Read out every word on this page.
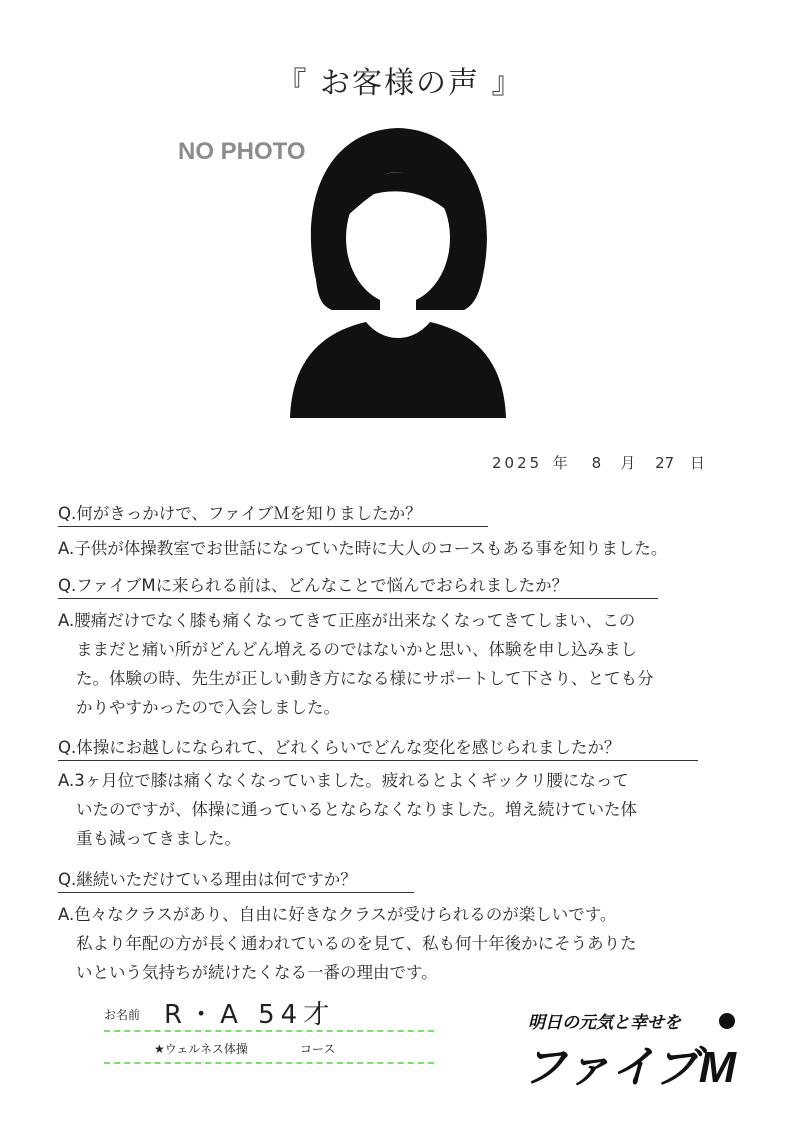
『 お客様の声 』
NO PHOTO
2025 年 8 月 27 日
Q.何がきっかけで、ファイブＭを知りましたか？
A.子供が体操教室でお世話になっていた時に大人のコースもある事を知りました。
Q.ファイブMに来られる前は、どんなことで悩んでおられましたか？
A.腰痛だけでなく膝も痛くなってきて正座が出来なくなってきてしまい、この
ままだと痛い所がどんどん増えるのではないかと思い、体験を申し込みまし
た。体験の時、先生が正しい動き方になる様にサポートして下さり、とても分
かりやすかったので入会しました。
Q.体操にお越しになられて、どれくらいでどんな変化を感じられましたか？
A.3ヶ月位で膝は痛くなくなっていました。疲れるとよくギックリ腰になって
いたのですが、体操に通っているとならなくなりました。増え続けていた体
重も減ってきました。
Q.継続いただけている理由は何ですか？
A.色々なクラスがあり、自由に好きなクラスが受けられるのが楽しいです。
私より年配の方が長く通われているのを見て、私も何十年後かにそうありた
いという気持ちが続けたくなる一番の理由です。
お名前 R・A 54才
★ウェルネス体操	コース
明日の元気と幸せを
ファイブM
